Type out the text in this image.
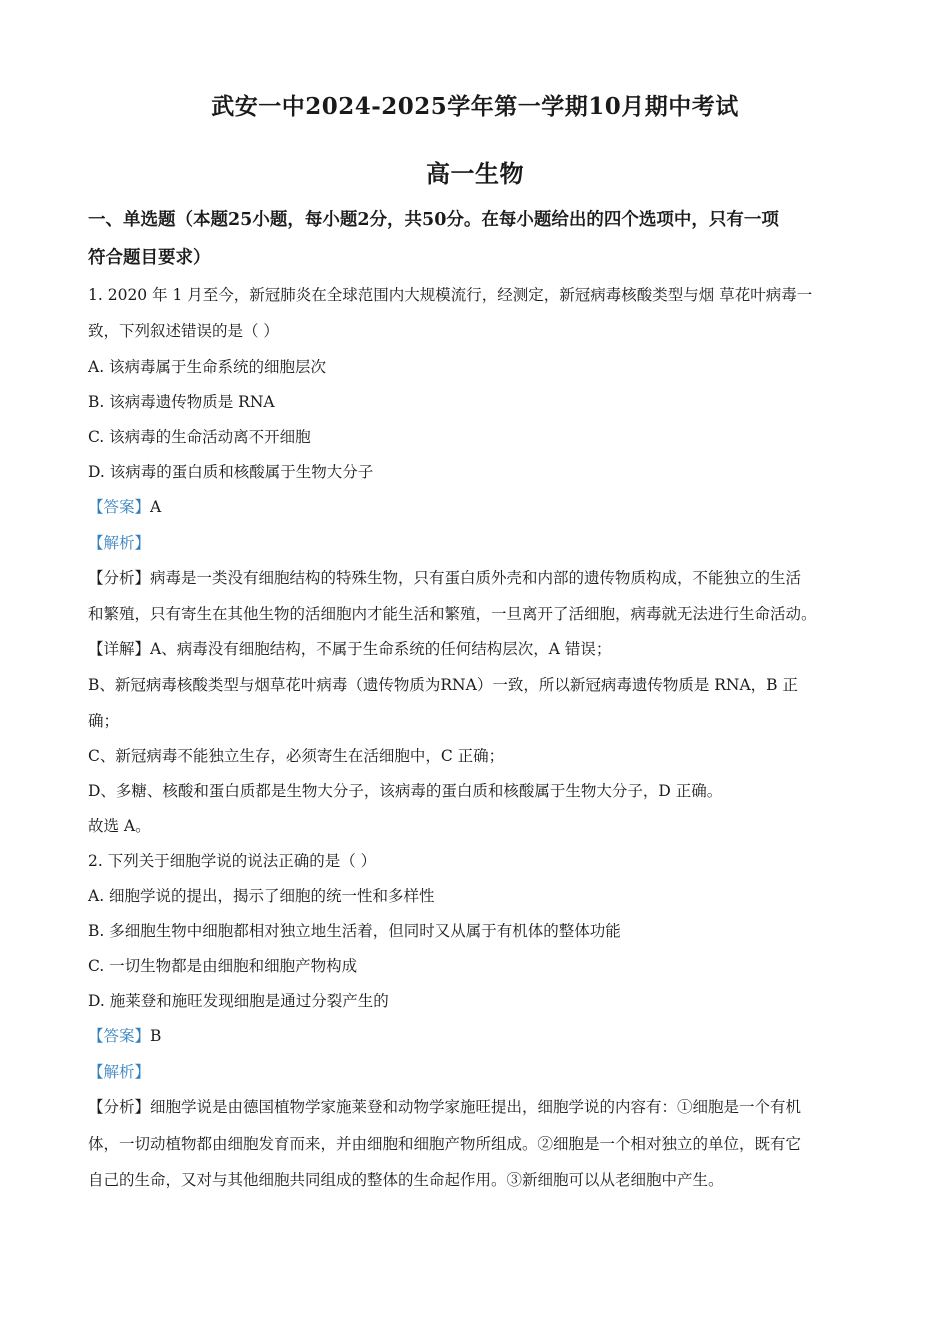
武安一中2024-2025学年第一学期10月期中考试
高一生物
一、单选题（本题25小题，每小题2分，共50分。在每小题给出的四个选项中，只有一项
符合题目要求）
1. 2020 年 1 月至今，新冠肺炎在全球范围内大规模流行，经测定，新冠病毒核酸类型与烟 草花叶病毒一
致，下列叙述错误的是（ ）
A. 该病毒属于生命系统的细胞层次
B. 该病毒遗传物质是 RNA
C. 该病毒的生命活动离不开细胞
D. 该病毒的蛋白质和核酸属于生物大分子
【答案】A
【解析】
【分析】病毒是一类没有细胞结构的特殊生物，只有蛋白质外壳和内部的遗传物质构成，不能独立的生活
和繁殖，只有寄生在其他生物的活细胞内才能生活和繁殖，一旦离开了活细胞，病毒就无法进行生命活动。
【详解】A、病毒没有细胞结构，不属于生命系统的任何结构层次，A 错误；
B、新冠病毒核酸类型与烟草花叶病毒（遗传物质为RNA）一致，所以新冠病毒遗传物质是 RNA，B 正
确；
C、新冠病毒不能独立生存，必须寄生在活细胞中，C 正确；
D、多糖、核酸和蛋白质都是生物大分子，该病毒的蛋白质和核酸属于生物大分子，D 正确。
故选 A。
2. 下列关于细胞学说的说法正确的是（ ）
A. 细胞学说的提出，揭示了细胞的统一性和多样性
B. 多细胞生物中细胞都相对独立地生活着，但同时又从属于有机体的整体功能
C. 一切生物都是由细胞和细胞产物构成
D. 施莱登和施旺发现细胞是通过分裂产生的
【答案】B
【解析】
【分析】细胞学说是由德国植物学家施莱登和动物学家施旺提出，细胞学说的内容有：①细胞是一个有机
体，一切动植物都由细胞发育而来，并由细胞和细胞产物所组成。②细胞是一个相对独立的单位，既有它
自己的生命，又对与其他细胞共同组成的整体的生命起作用。③新细胞可以从老细胞中产生。
